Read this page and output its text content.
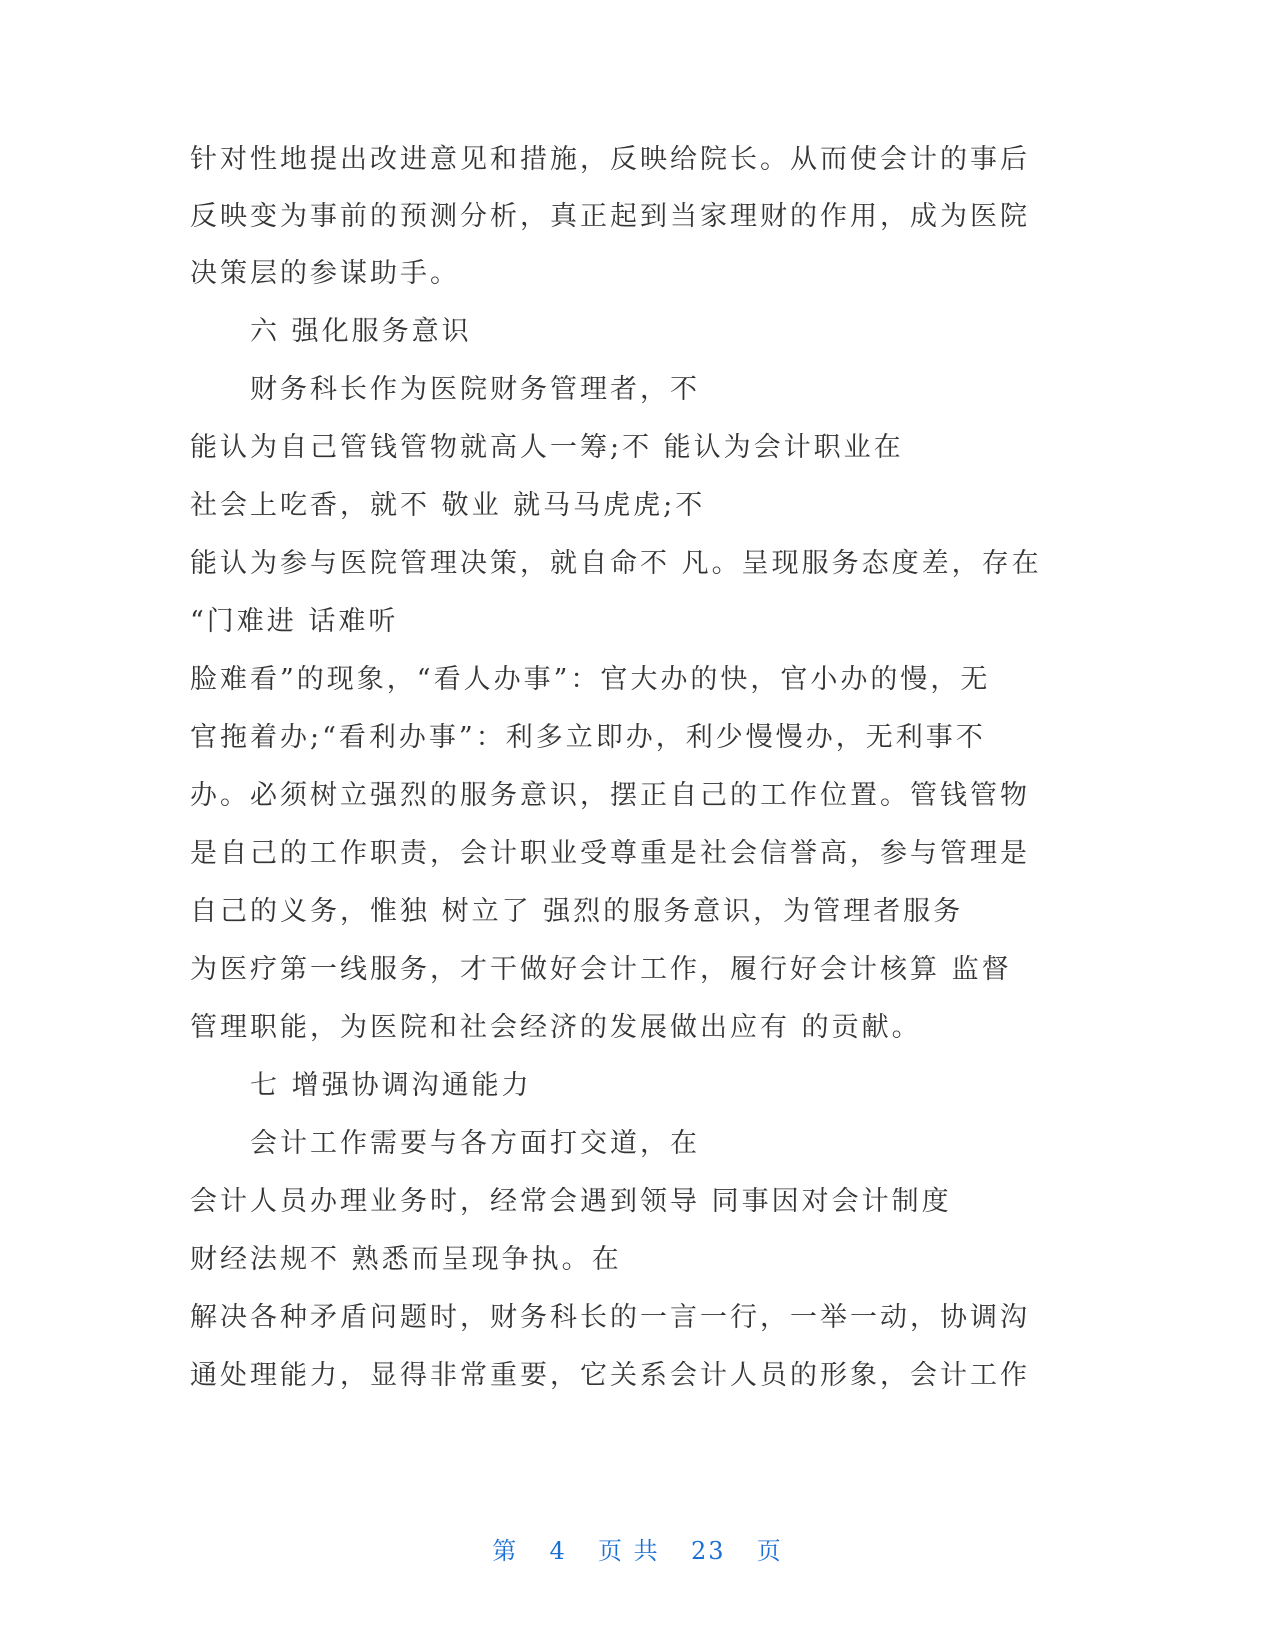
针对性地提出改进意见和措施，反映给院长。从而使会计的事后
反映变为事前的预测分析，真正起到当家理财的作用，成为医院
决策层的参谋助手。
六 强化服务意识
财务科长作为医院财务管理者，不
能认为自己管钱管物就高人一筹;不 能认为会计职业在
社会上吃香，就不 敬业 就马马虎虎;不
能认为参与医院管理决策，就自命不 凡。呈现服务态度差，存在
“门难进 话难听
脸难看”的现象，“看人办事”：官大办的快，官小办的慢，无
官拖着办;“看利办事”：利多立即办，利少慢慢办，无利事不
办。必须树立强烈的服务意识，摆正自己的工作位置。管钱管物
是自己的工作职责，会计职业受尊重是社会信誉高，参与管理是
自己的义务，惟独 树立了 强烈的服务意识，为管理者服务
为医疗第一线服务，才干做好会计工作，履行好会计核算 监督
管理职能，为医院和社会经济的发展做出应有 的贡献。
七 增强协调沟通能力
会计工作需要与各方面打交道，在
会计人员办理业务时，经常会遇到领导 同事因对会计制度
财经法规不 熟悉而呈现争执。在
解决各种矛盾问题时，财务科长的一言一行，一举一动，协调沟
通处理能力，显得非常重要，它关系会计人员的形象，会计工作
第 4 页 共 23 页
